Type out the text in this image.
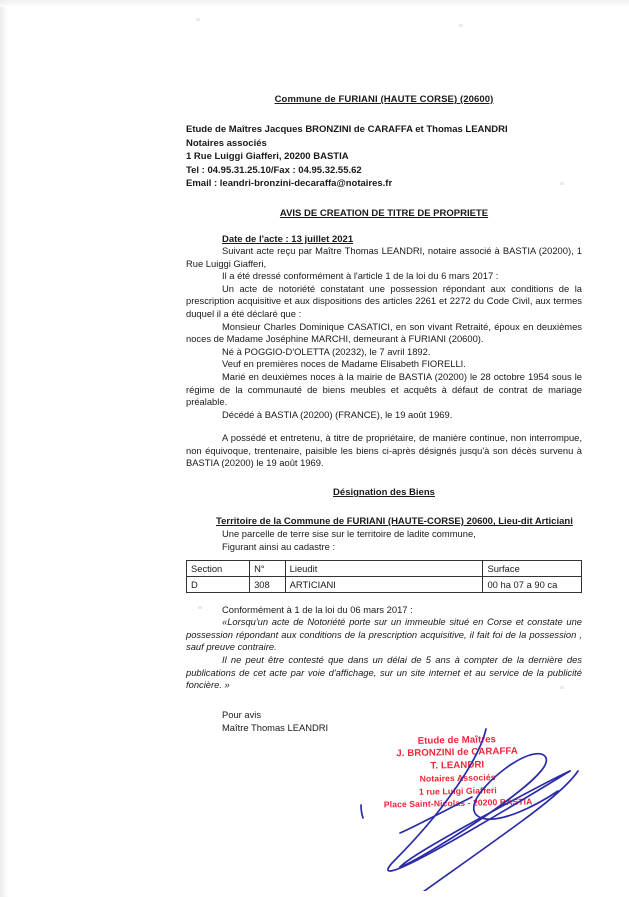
Commune de FURIANI (HAUTE CORSE) (20600)
Etude de Maîtres Jacques BRONZINI de CARAFFA et Thomas LEANDRI
Notaires associés
1 Rue Luiggi Giafferi, 20200 BASTIA
Tel : 04.95.31.25.10/Fax : 04.95.32.55.62
Email : leandri-bronzini-decaraffa@notaires.fr
AVIS DE CREATION DE TITRE DE PROPRIETE
Date de l'acte : 13 juillet 2021

Suivant acte reçu par Maître Thomas LEANDRI, notaire associé à BASTIA (20200), 1 Rue Luiggi Giafferi,

Il a été dressé conformément à l'article 1 de la loi du 6 mars 2017 :

Un acte de notoriété constatant une possession répondant aux conditions de la prescription acquisitive et aux dispositions des articles 2261 et 2272 du Code Civil, aux termes duquel il a été déclaré que :

Monsieur Charles Dominique CASATICI, en son vivant Retraité, époux en deuxièmes noces de Madame Joséphine MARCHI, demeurant à FURIANI (20600).

Né à POGGIO-D'OLETTA (20232), le 7 avril 1892.

Veuf en premières noces de Madame Elisabeth FIORELLI.

Marié en deuxièmes noces à la mairie de BASTIA (20200) le 28 octobre 1954 sous le régime de la communauté de biens meubles et acquêts à défaut de contrat de mariage préalable.

Décédé à BASTIA (20200) (FRANCE), le 19 août 1969.

A possédé et entretenu, à titre de propriétaire, de manière continue, non interrompue, non équivoque, trentenaire, paisible les biens ci-après désignés jusqu'à son décès survenu à BASTIA (20200) le 19 août 1969.

Désignation des Biens
Territoire de la Commune de FURIANI (HAUTE-CORSE) 20600, Lieu-dit Articiani

Une parcelle de terre sise sur le territoire de ladite commune,

Figurant ainsi au cadastre :

Section	N°	Lieudit	Surface
D	308	ARTICIANI	00 ha 07 a 90 ca

Conformément à 1 de la loi du 06 mars 2017 :

«Lorsqu'un acte de Notoriété porte sur un immeuble situé en Corse et constate une possession répondant aux conditions de la prescription acquisitive, il fait foi de la possession , sauf preuve contraire.

Il ne peut être contesté que dans un délai de 5 ans à compter de la dernière des publications de cet acte par voie d'affichage, sur un site internet et au service de la publicité foncière. »

Pour avis
Maître Thomas LEANDRI
Etude de Maîtres
J. BRONZINI de CARAFFA
T. LEANDRI
Notaires Associés
1 rue Luigi Giafferi
Place Saint-Nicolas - 20200 BASTIA
